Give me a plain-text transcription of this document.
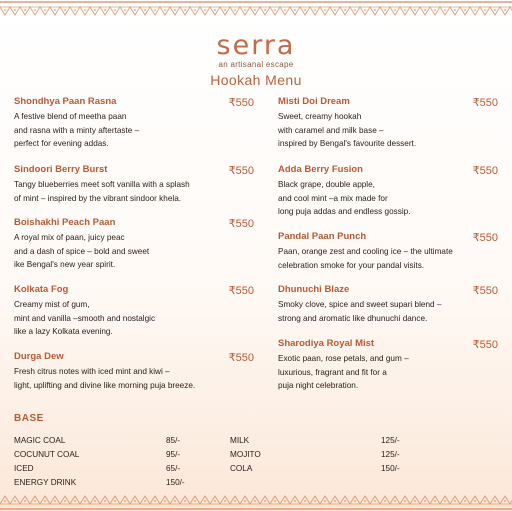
serra
an artisanal escape
Hookah Menu
Shondhya Paan Rasna	₹550
A festive blend of meetha paan
and rasna with a minty aftertaste –
perfect for evening addas.
Sindoori Berry Burst	₹550
Tangy blueberries meet soft vanilla with a splash
of mint – inspired by the vibrant sindoor khela.
Boishakhi Peach Paan	₹550
A royal mix of paan, juicy peac
and a dash of spice – bold and sweet
ike Bengal's new year spirit.
Kolkata Fog	₹550
Creamy mist of gum,
mint and vanilla –smooth and nostalgic
like a lazy Kolkata evening.
Durga Dew	₹550
Fresh citrus notes with iced mint and kiwi –
light, uplifting and divine like morning puja breeze.
Misti Doi Dream	₹550
Sweet, creamy hookah
with caramel and milk base –
inspired by Bengal's favourite dessert.
Adda Berry Fusion	₹550
Black grape, double apple,
and cool mint –a mix made for
long puja addas and endless gossip.
Pandal Paan Punch	₹550
Paan, orange zest and cooling ice – the ultimate
celebration smoke for your pandal visits.
Dhunuchi Blaze	₹550
Smoky clove, spice and sweet supari blend –
strong and aromatic like dhunuchi dance.
Sharodiya Royal Mist	₹550
Exotic paan, rose petals, and gum –
luxurious, fragrant and fit for a
puja night celebration.
BASE
MAGIC COAL	85/-
COCUNUT COAL	95/-
ICED	65/-
ENERGY DRINK	150/-
MILK	125/-
MOJITO	125/-
COLA	150/-
